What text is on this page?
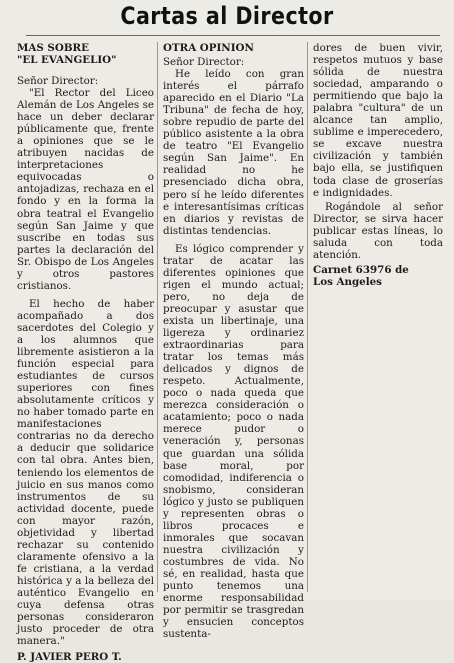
Cartas al Director

MAS SOBRE

"EL EVANGELIO"

Señor Director:

"El Rector del Liceo Alemán de Los Angeles se hace un deber declarar públicamente que, frente a opiniones que se le atribuyen nacidas de interpretaciones equivocadas o antojadizas, rechaza en el fondo y en la forma la obra teatral el Evangelio según San Jaime y que suscribe en todas sus partes la declaración del Sr. Obispo de Los Angeles y otros pastores cristianos.

El hecho de haber acompañado a dos sacerdotes del Colegio y a los alumnos que libremente asistieron a la función especial para estudiantes de cursos superiores con fines absolutamente críticos y no haber tomado parte en manifestaciones contrarias no da derecho a deducir que solidarice con tal obra. Antes bien, teniendo los elementos de juicio en sus manos como instrumentos de su actividad docente, puede con mayor razón, objetividad y libertad rechazar su contenido claramente ofensivo a la fe cristiana, a la verdad histórica y a la belleza del auténtico Evangelio en cuya defensa otras personas consideraron justo proceder de otra manera."

P. JAVIER PERO T.

OTRA OPINION

Señor Director:

He leído con gran interés el párrafo aparecido en el Diario "La Tribuna" de fecha de hoy, sobre repudio de parte del público asistente a la obra de teatro "El Evangelio según San Jaime". En realidad no he presenciado dicha obra, pero sí he leído diferentes e interesantísimas críticas en diarios y revistas de distintas tendencias.

Es lógico comprender y tratar de acatar las diferentes opiniones que rigen el mundo actual; pero, no deja de preocupar y asustar que exista un libertinaje, una ligereza y ordinariez extraordinarias para tratar los temas más delicados y dignos de respeto. Actualmente, poco o nada queda que merezca consideración o acatamiento; poco o nada merece pudor o veneración y, personas que guardan una sólida base moral, por comodidad, indiferencia o snobismo, consideran lógico y justo se publiquen y representen obras o libros procaces e inmorales que socavan nuestra civilización y costumbres de vida. No sé, en realidad, hasta que punto tenemos una enorme responsabilidad por permitir se trasgredan y ensucien conceptos sustenta-

dores de buen vivir, respetos mutuos y base sólida de nuestra sociedad, amparando o permitiendo que bajo la palabra "cultura" de un alcance tan amplio, sublime e imperecedero, se excave nuestra civilización y también bajo ella, se justifiquen toda clase de groserías e indignidades.

Rogándole al señor Director, se sirva hacer publicar estas líneas, lo saluda con toda atención.

Carnet 63976 de

Los Angeles
